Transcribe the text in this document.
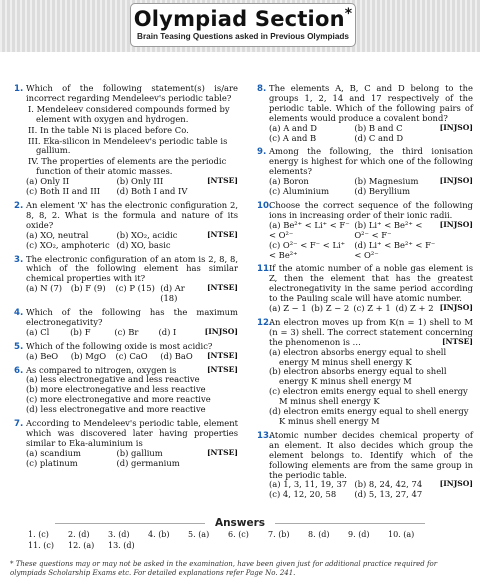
Olympiad Section*
Brain Teasing Questions asked in Previous Olympiads
1. Which of the following statement(s) is/are incorrect regarding Mendeleev's periodic table?
I. Mendeleev considered compounds formed by element with oxygen and hydrogen.
II. In the table Ni is placed before Co.
III. Eka-silicon in Mendeleev's periodic table is gallium.
IV. The properties of elements are the periodic function of their atomic masses.
[NTSE]
(a) Only II	(b) Only III
(c) Both II and III	(d) Both I and IV
2. An element 'X' has the electronic configuration 2, 8, 8, 2. What is the formula and nature of its oxide?
[NTSE]
(a) XO, neutral	(b) XO₂, acidic
(c) XO₂, amphoteric (d) XO, basic
3. The electronic configuration of an atom is 2, 8, 8, which of the following element has similar chemical properties with it?
[NTSE]
(a) N (7)	(b) F (9)	(c) P (15) (d) Ar (18)
4. Which of the following has the maximum electronegativity?
[INJSO]
(a) Cl	(b) F	(c) Br	(d) I
5. Which of the following oxide is most acidic?
[NTSE]
(a) BeO	(b) MgO	(c) CaO	(d) BaO
6. As compared to nitrogen, oxygen is	[NTSE]
(a) less electronegative and less reactive
(b) more electronegative and less reactive
(c) more electronegative and more reactive
(d) less electronegative and more reactive
7. According to Mendeleev's periodic table, element which was discovered later having properties similar to Eka-aluminium is
[NTSE]
(a) scandium	(b) gallium
(c) platinum	(d) germanium
8. The elements A, B, C and D belong to the groups 1, 2, 14 and 17 respectively of the periodic table. Which of the following pairs of elements would produce a covalent bond?
[INJSO]
(a) A and D	(b) B and C
(c) A and B	(d) C and D
9. Among the following, the third ionisation energy is highest for which one of the following elements?
[INJSO]
(a) Boron	(b) Magnesium
(c) Aluminium	(d) Beryllium
10.
Choose the correct sequence of the following ions in increasing order of their ionic radii.
[INJSO]
(a) Be²⁺ < Li⁺ < F⁻ < O²⁻
(b) Li⁺ < Be²⁺ < O²⁻ < F⁻
(c) O²⁻ < F⁻ < Li⁺ < Be²⁺
(d) Li⁺ < Be²⁺ < F⁻ < O²⁻
11.
If the atomic number of a noble gas element is Z, then the element that has the greatest electronegativity in the same period according to the Pauling scale will have atomic number.
[INJSO]
(a) Z − 1 (b) Z − 2 (c) Z + 1 (d) Z + 2
12.
An electron moves up from K(n = 1) shell to M (n = 3) shell. The correct statement concerning the phenomenon is …	[NTSE]
(a) electron absorbs energy equal to shell energy M minus shell energy K
(b) electron absorbs energy equal to shell energy K minus shell energy M
(c) electron emits energy equal to shell energy M minus shell energy K
(d) electron emits energy equal to shell energy K minus shell energy M
13.
Atomic number decides chemical property of an element. It also decides which group the element belongs to. Identify which of the following elements are from the same group in the periodic table.
[INJSO]
(a) 1, 3, 11, 19, 37 (b) 8, 24, 42, 74
(c) 4, 12, 20, 58	(d) 5, 13, 27, 47
Answers
1. (c)	2. (d)	3. (d)	4. (b)	5. (a)	6. (c)	7. (b)	8. (d)	9. (d)	10. (a)
11. (c)	12. (a)	13. (d)
* These questions may or may not be asked in the examination, have been given just for additional practice required for olympiads Scholarship Exams etc. For detailed explanations refer Page No. 241.
